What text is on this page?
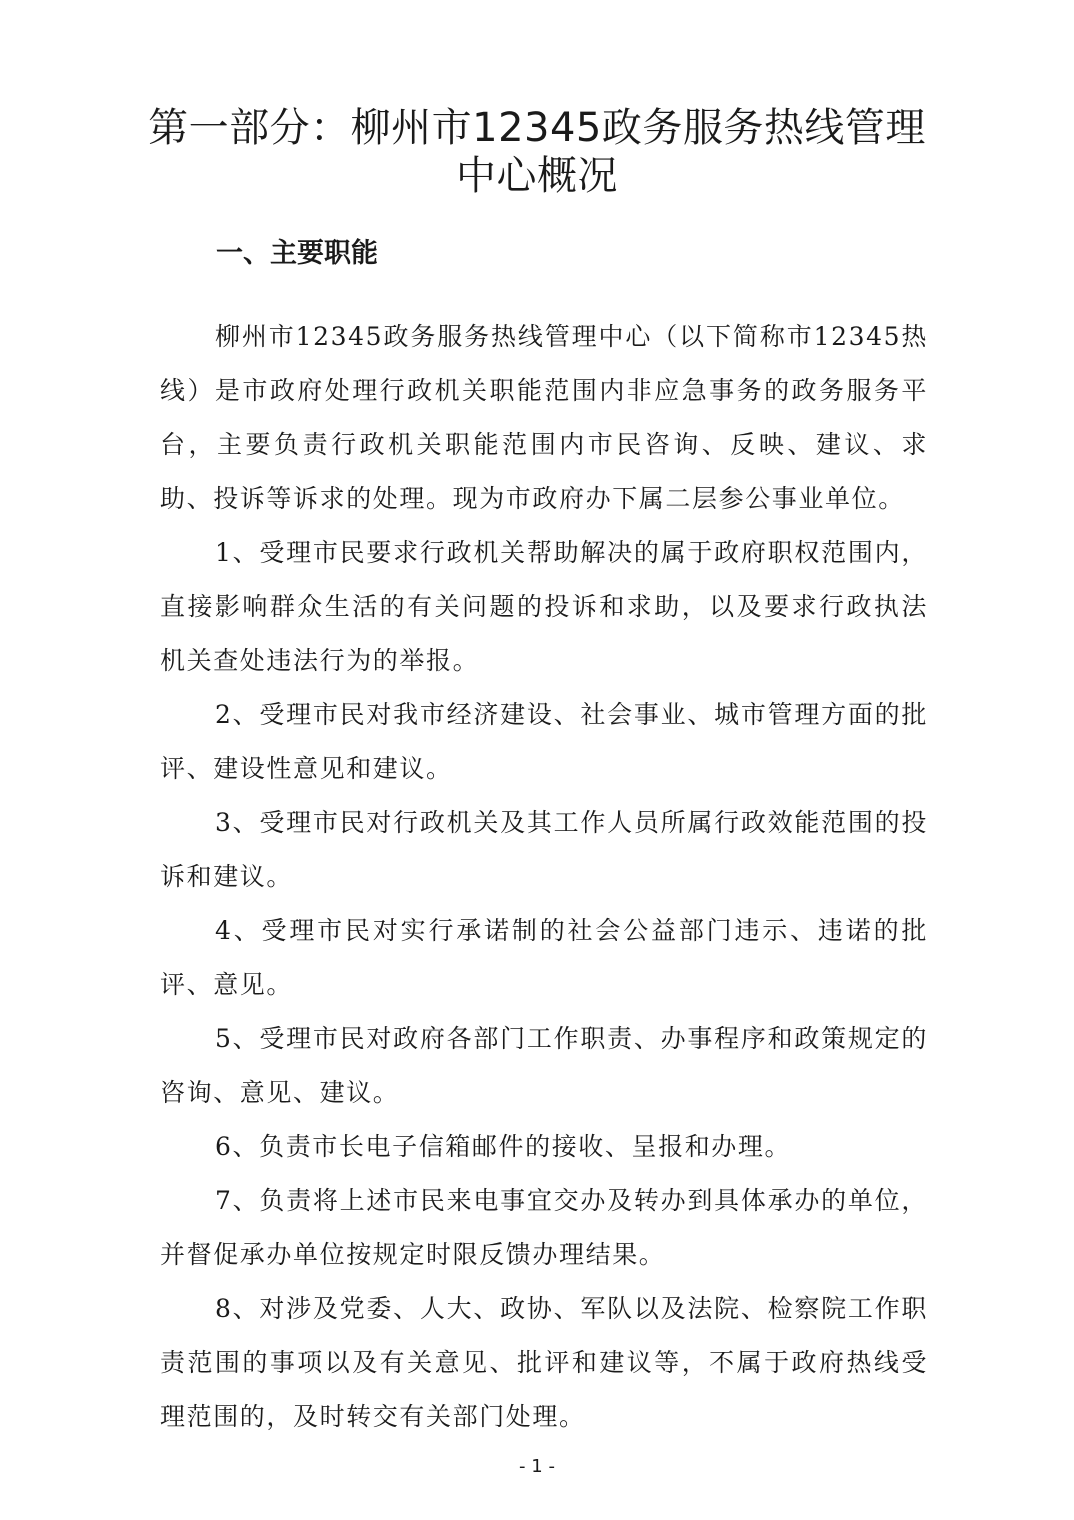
第一部分：柳州市12345政务服务热线管理
中心概况
一、主要职能

柳州市12345政务服务热线管理中心（以下简称市12345热线）是市政府处理行政机关职能范围内非应急事务的政务服务平台，主要负责行政机关职能范围内市民咨询、反映、建议、求助、投诉等诉求的处理。现为市政府办下属二层参公事业单位。

1、受理市民要求行政机关帮助解决的属于政府职权范围内，直接影响群众生活的有关问题的投诉和求助，以及要求行政执法机关查处违法行为的举报。

2、受理市民对我市经济建设、社会事业、城市管理方面的批评、建设性意见和建议。

3、受理市民对行政机关及其工作人员所属行政效能范围的投诉和建议。

4、受理市民对实行承诺制的社会公益部门违示、违诺的批评、意见。

5、受理市民对政府各部门工作职责、办事程序和政策规定的咨询、意见、建议。

6、负责市长电子信箱邮件的接收、呈报和办理。

7、负责将上述市民来电事宜交办及转办到具体承办的单位，并督促承办单位按规定时限反馈办理结果。

8、对涉及党委、人大、政协、军队以及法院、检察院工作职责范围的事项以及有关意见、批评和建议等，不属于政府热线受理范围的，及时转交有关部门处理。

- 1 -
